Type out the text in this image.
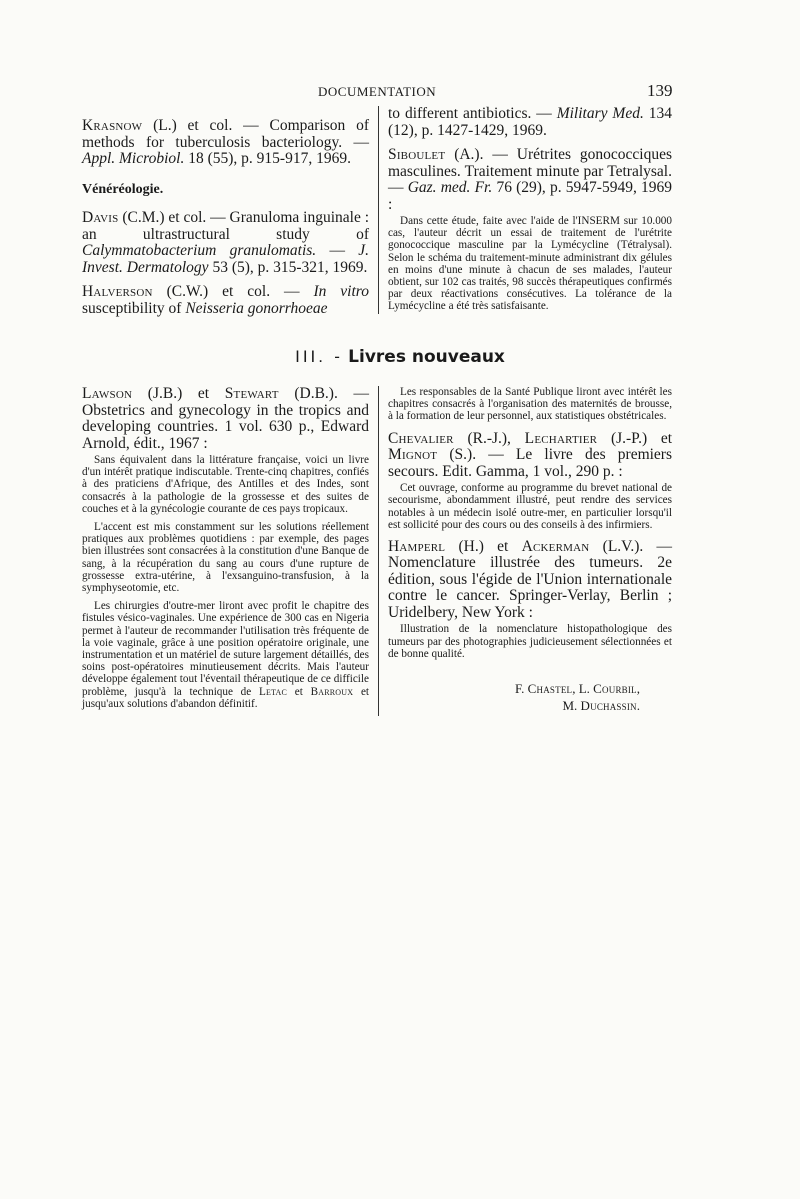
DOCUMENTATION	139

Krasnow (L.) et col. — Comparison of methods for tuberculosis bacteriology. — Appl. Microbiol. 18 (55), p. 915-917, 1969.

Vénéréologie.

Davis (C.M.) et col. — Granuloma inguinale : an ultrastructural study of Calymmatobacterium granulomatis. — J. Invest. Dermatology 53 (5), p. 315-321, 1969.

Halverson (C.W.) et col. — In vitro susceptibility of Neisseria gonorrhoeae

to different antibiotics. — Military Med. 134 (12), p. 1427-1429, 1969.

Siboulet (A.). — Urétrites gonococciques masculines. Traitement minute par Tetralysal. — Gaz. med. Fr. 76 (29), p. 5947-5949, 1969 :

Dans cette étude, faite avec l'aide de l'INSERM sur 10.000 cas, l'auteur décrit un essai de traitement de l'urétrite gonococcique masculine par la Lymécycline (Tétralysal). Selon le schéma du traitement-minute administrant dix gélules en moins d'une minute à chacun de ses malades, l'auteur obtient, sur 102 cas traités, 98 succès thérapeutiques confirmés par deux réactivations consécutives. La tolérance de la Lymécycline a été très satisfaisante.

III. - Livres nouveaux

Lawson (J.B.) et Stewart (D.B.). — Obstetrics and gynecology in the tropics and developing countries. 1 vol. 630 p., Edward Arnold, édit., 1967 :

Sans équivalent dans la littérature française, voici un livre d'un intérêt pratique indiscutable. Trente-cinq chapitres, confiés à des praticiens d'Afrique, des Antilles et des Indes, sont consacrés à la pathologie de la grossesse et des suites de couches et à la gynécologie courante de ces pays tropicaux.

L'accent est mis constamment sur les solutions réellement pratiques aux problèmes quotidiens : par exemple, des pages bien illustrées sont consacrées à la constitution d'une Banque de sang, à la récupération du sang au cours d'une rupture de grossesse extra-utérine, à l'exsanguino-transfusion, à la symphyseotomie, etc.

Les chirurgies d'outre-mer liront avec profit le chapitre des fistules vésico-vaginales. Une expérience de 300 cas en Nigeria permet à l'auteur de recommander l'utilisation très fréquente de la voie vaginale, grâce à une position opératoire originale, une instrumentation et un matériel de suture largement détaillés, des soins post-opératoires minutieusement décrits. Mais l'auteur développe également tout l'éventail thérapeutique de ce difficile problème, jusqu'à la technique de Letac et Barroux et jusqu'aux solutions d'abandon définitif.

Les responsables de la Santé Publique liront avec intérêt les chapitres consacrés à l'organisation des maternités de brousse, à la formation de leur personnel, aux statistiques obstétricales.

Chevalier (R.-J.), Lechartier (J.-P.) et Mignot (S.). — Le livre des premiers secours. Edit. Gamma, 1 vol., 290 p. :

Cet ouvrage, conforme au programme du brevet national de secourisme, abondamment illustré, peut rendre des services notables à un médecin isolé outre-mer, en particulier lorsqu'il est sollicité pour des cours ou des conseils à des infirmiers.

Hamperl (H.) et Ackerman (L.V.). — Nomenclature illustrée des tumeurs. 2e édition, sous l'égide de l'Union internationale contre le cancer. Springer-Verlay, Berlin ; Uridelbery, New York :

Illustration de la nomenclature histopathologique des tumeurs par des photographies judicieusement sélectionnées et de bonne qualité.

F. Chastel, L. Courbil,
M. Duchassin.
